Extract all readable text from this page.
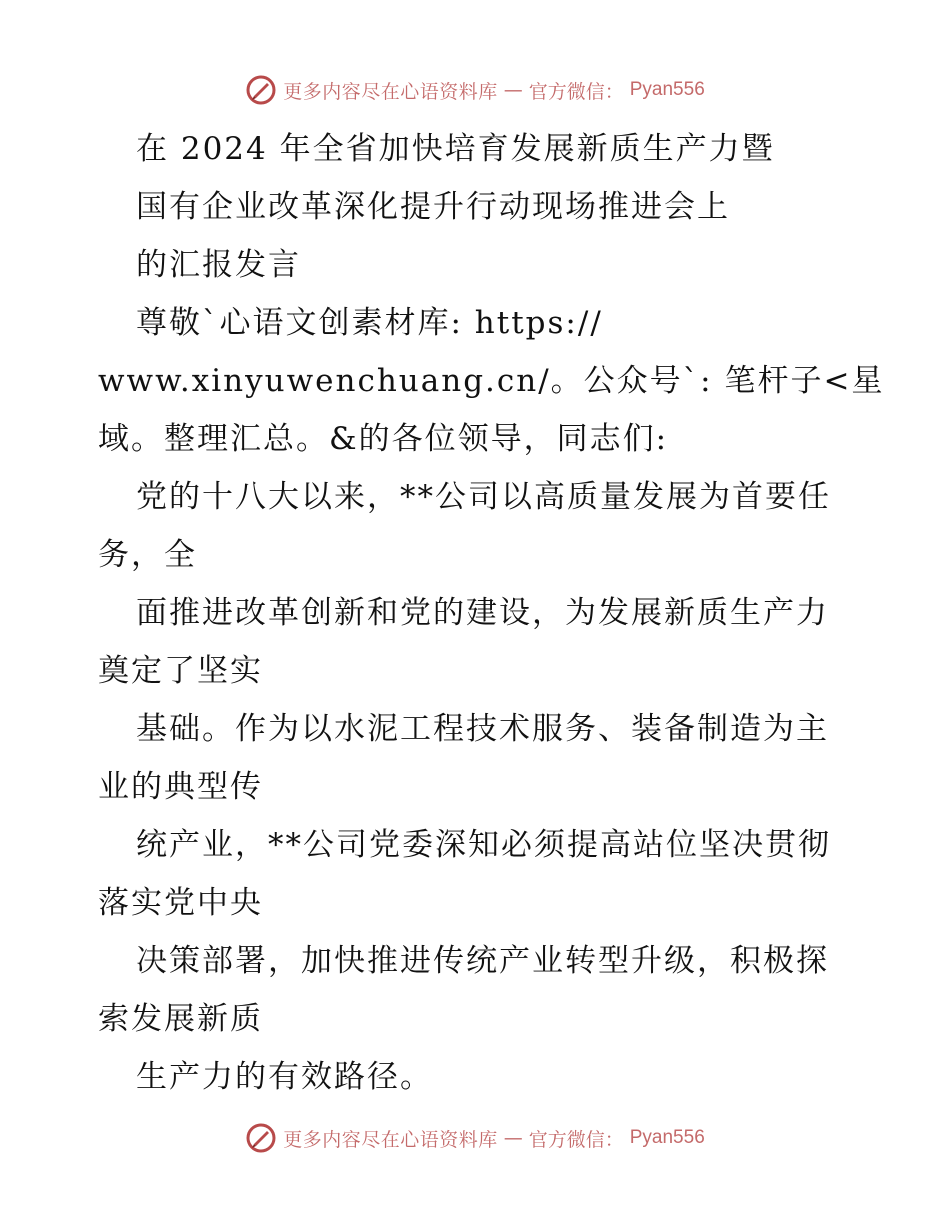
更多内容尽在心语资料库 — 官方微信： Pyan556
在 2024 年全省加快培育发展新质生产力暨
国有企业改革深化提升行动现场推进会上
的汇报发言
尊敬`心语文创素材库: https://
www.xinyuwenchuang.cn/。公众号`: 笔杆子<星
域。整理汇总。&的各位领导，同志们:
党的十八大以来，**公司以高质量发展为首要任
务，全
面推进改革创新和党的建设，为发展新质生产力
奠定了坚实
基础。作为以水泥工程技术服务、装备制造为主
业的典型传
统产业，**公司党委深知必须提高站位坚决贯彻
落实党中央
决策部署，加快推进传统产业转型升级，积极探
索发展新质
生产力的有效路径。
更多内容尽在心语资料库 — 官方微信： Pyan556
